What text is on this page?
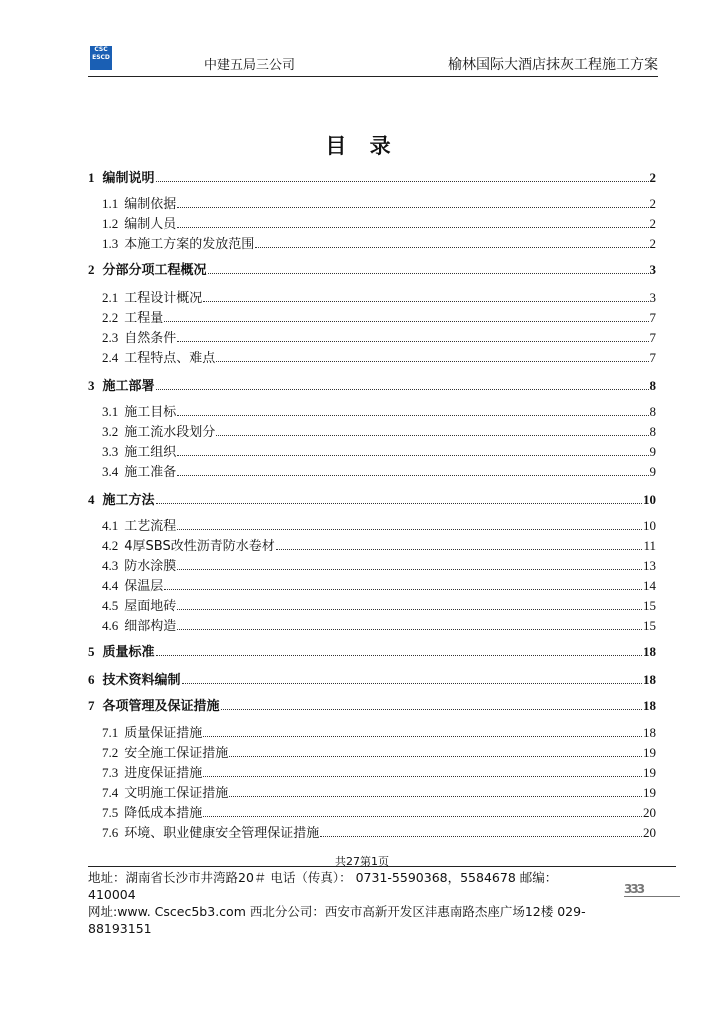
CSC
ESCD
中建五局三公司	榆林国际大酒店抹灰工程施工方案
目 录
1 编制说明	2
1.1 编制依据	2
1.2 编制人员	2
1.3 本施工方案的发放范围	2
2 分部分项工程概况	3
2.1 工程设计概况	3
2.2 工程量	7
2.3 自然条件	7
2.4 工程特点、难点	7
3 施工部署	8
3.1 施工目标	8
3.2 施工流水段划分	8
3.3 施工组织	9
3.4 施工准备	9
4 施工方法	10
4.1 工艺流程	10
4.2 4厚SBS改性沥青防水卷材	11
4.3 防水涂膜	13
4.4 保温层	14
4.5 屋面地砖	15
4.6 细部构造	15
5 质量标准	18
6 技术资料编制	18
7 各项管理及保证措施	18
7.1 质量保证措施	18
7.2 安全施工保证措施	19
7.3 进度保证措施	19
7.4 文明施工保证措施	19
7.5 降低成本措施	20
7.6 环境、职业健康安全管理保证措施	20
共27第1页
地址：湖南省长沙市井湾路20＃ 电话（传真）： 0731-5590368，5584678 邮编：
410004
网址:www. Cscec5b3.com 西北分公司：西安市高新开发区沣惠南路杰座广场12楼 029-
88193151
333
